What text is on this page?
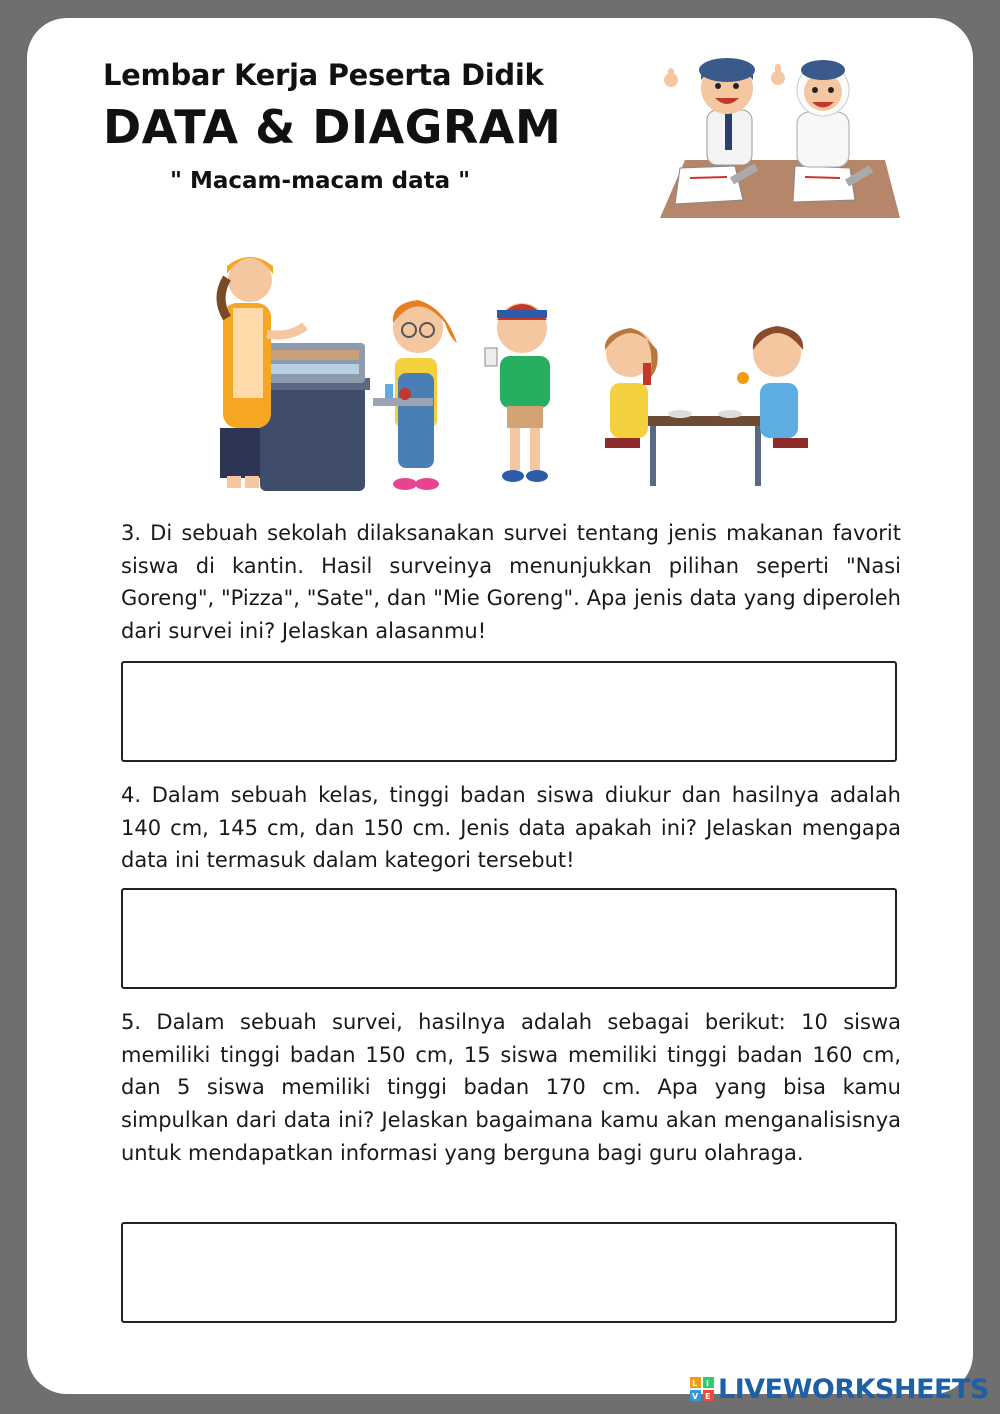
Lembar Kerja Peserta Didik
DATA & DIAGRAM
" Macam-macam data "
3. Di sebuah sekolah dilaksanakan survei tentang jenis makanan favorit siswa di kantin. Hasil surveinya menunjukkan pilihan seperti "Nasi Goreng", "Pizza", "Sate", dan "Mie Goreng". Apa jenis data yang diperoleh dari survei ini? Jelaskan alasanmu!
4. Dalam sebuah kelas, tinggi badan siswa diukur dan hasilnya adalah 140 cm, 145 cm, dan 150 cm. Jenis data apakah ini? Jelaskan mengapa data ini termasuk dalam kategori tersebut!
5. Dalam sebuah survei, hasilnya adalah sebagai berikut: 10 siswa memiliki tinggi badan 150 cm, 15 siswa memiliki tinggi badan 160 cm, dan 5 siswa memiliki tinggi badan 170 cm. Apa yang bisa kamu simpulkan dari data ini? Jelaskan bagaimana kamu akan menganalisisnya untuk mendapatkan informasi yang berguna bagi guru olahraga.
L I
V E LIVEWORKSHEETS
